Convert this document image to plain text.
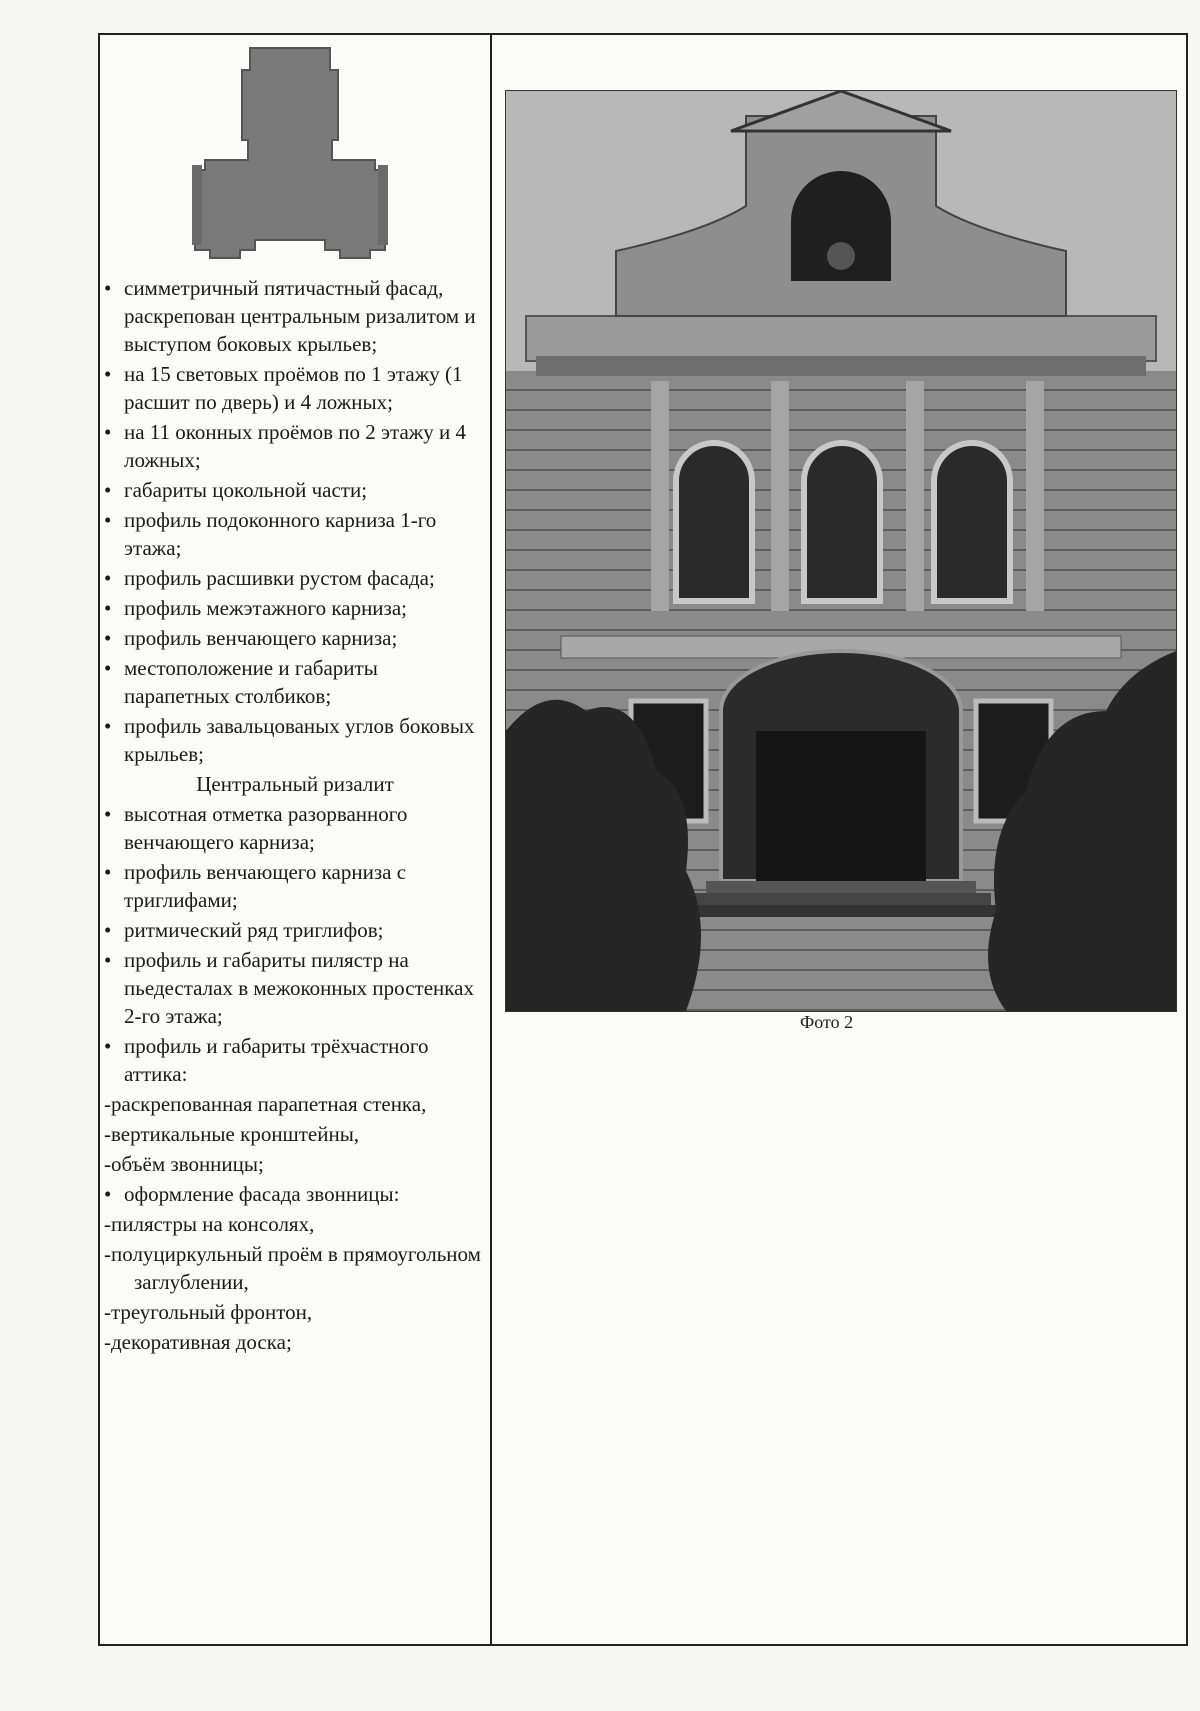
• симметричный пятичастный фасад, раскрепован центральным ризалитом и выступом боковых крыльев;
• на 15 световых проёмов по 1 этажу (1 расшит по дверь) и 4 ложных;
• на 11 оконных проёмов по 2 этажу и 4 ложных;
• габариты цокольной части;
• профиль подоконного карниза 1-го этажа;
• профиль расшивки рустом фасада;
• профиль межэтажного карниза;
• профиль венчающего карниза;
• местоположение и габариты парапетных столбиков;
• профиль завальцованых углов боковых крыльев;
Центральный ризалит
• высотная отметка разорванного венчающего карниза;
• профиль венчающего карниза с триглифами;
• ритмический ряд триглифов;
• профиль и габариты пилястр на пьедесталах в межоконных простенках 2-го этажа;
• профиль и габариты трёхчастного аттика:
-раскрепованная парапетная стенка,
-вертикальные кронштейны,
-объём звонницы;
• оформление фасада звонницы:
-пилястры на консолях,
-полуциркульный проём в прямоугольном заглублении,
-треугольный фронтон,
-декоративная доска;
Фото 2
